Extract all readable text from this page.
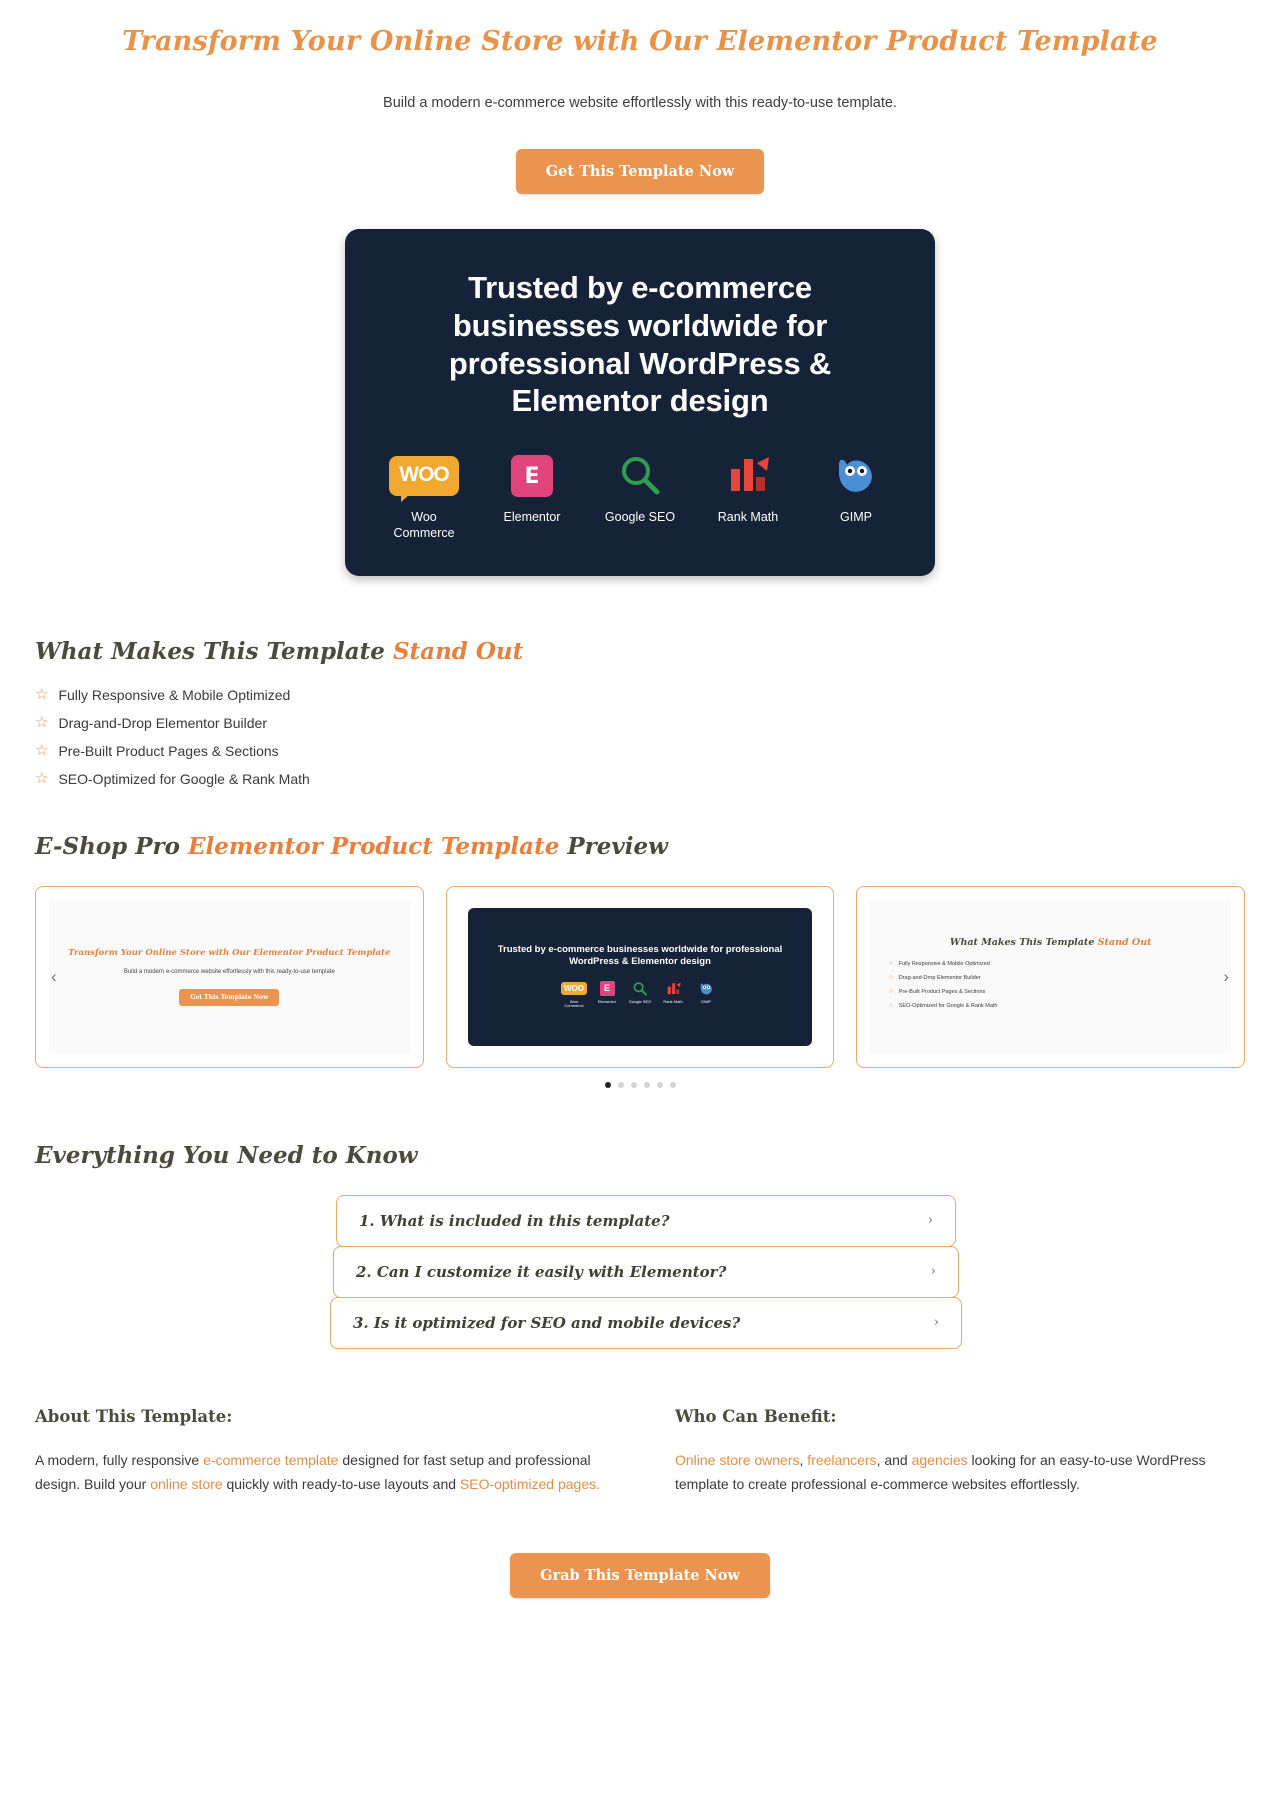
Transform Your Online Store with Our Elementor Product Template
Build a modern e-commerce website effortlessly with this ready-to-use template.
Get This Template Now
Trusted by e-commerce businesses worldwide for professional WordPress & Elementor design
WOO
Woo Commerce
E
Elementor	Google SEO	Rank Math	GIMP
What Makes This Template Stand Out
☆ Fully Responsive & Mobile Optimized
☆ Drag-and-Drop Elementor Builder
☆ Pre-Built Product Pages & Sections
☆ SEO-Optimized for Google & Rank Math
E-Shop Pro Elementor Product Template Preview
‹
Transform Your Online Store with Our Elementor Product Template
Build a modern e-commerce website effortlessly with this ready-to-use template
Get This Template Now
Trusted by e-commerce businesses worldwide for professional WordPress & Elementor design
WOO
Woo Commerce
E
Elementor	Google SEO	Rank Math	GIMP
What Makes This Template Stand Out
☆ Fully Responsive & Mobile Optimized
☆ Drag-and-Drop Elementor Builder
☆ Pre-Built Product Pages & Sections
☆ SEO-Optimized for Google & Rank Math
›
Everything You Need to Know
1. What is included in this template?	›
2. Can I customize it easily with Elementor?	›
3. Is it optimized for SEO and mobile devices?	›
About This Template:

A modern, fully responsive e-commerce template designed for fast setup and professional design. Build your online store quickly with ready-to-use layouts and SEO-optimized pages.

Who Can Benefit:

Online store owners, freelancers, and agencies looking for an easy-to-use WordPress template to create professional e-commerce websites effortlessly.

Grab This Template Now
